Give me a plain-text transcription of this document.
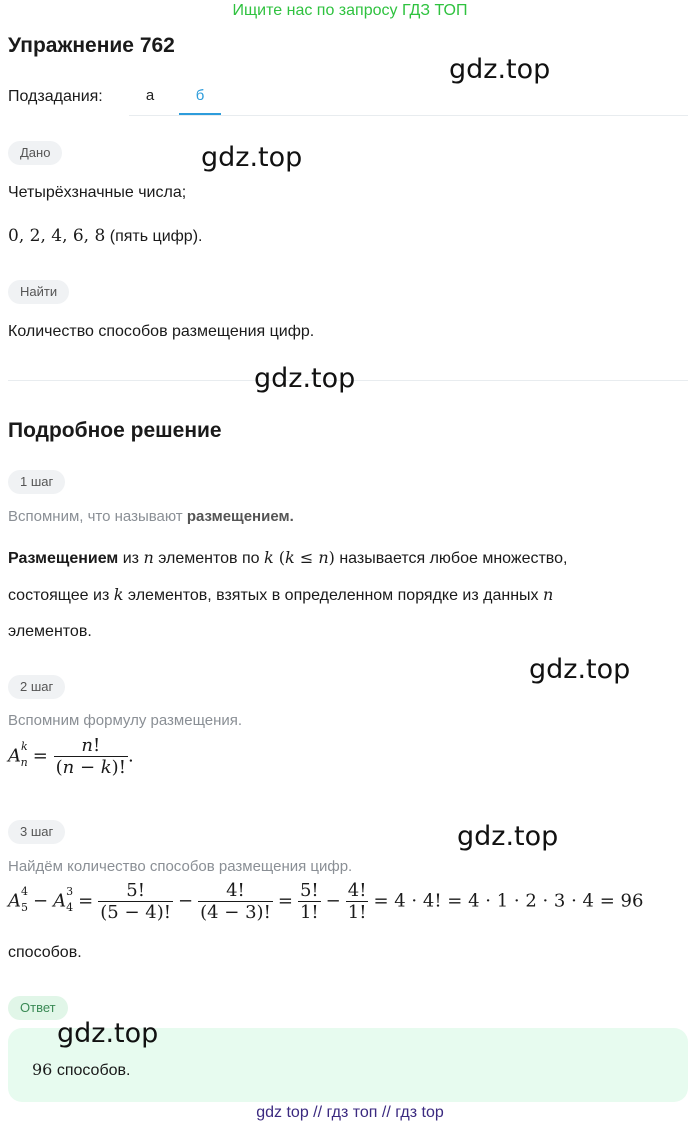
Ищите нас по запросу ГДЗ ТОП
Упражнение 762
gdz.top
Подзадания:	а	б
Дано	gdz.top
Четырёхзначные числа;
0, 2, 4, 6, 8 (пять цифр).
Найти
Количество способов размещения цифр.
gdz.top
Подробное решение
1 шаг
Вспомним, что называют размещением.
Размещением из n элементов по k (k ≤ n) называется любое множество,
состоящее из k элементов, взятых в определенном порядке из данных n
элементов.
gdz.top
2 шаг
Вспомним формулу размещения.
$A^k_n = \frac{n!}{(n - k)!}$ .
3 шаг	gdz.top
Найдём количество способов размещения цифр.
$A^4_5 - A^3_4 = \frac{5!}{(5 - 4)!} - \frac{4!}{(4 - 3)!} = \frac{5!}{1!} - \frac{4!}{1!} = 4 \cdot 4$! = 4 · 1 · 2 · 3 · 4 = 96
способов.
Ответ
gdz.top
96 способов.
gdz top // гдз топ // гдз top
